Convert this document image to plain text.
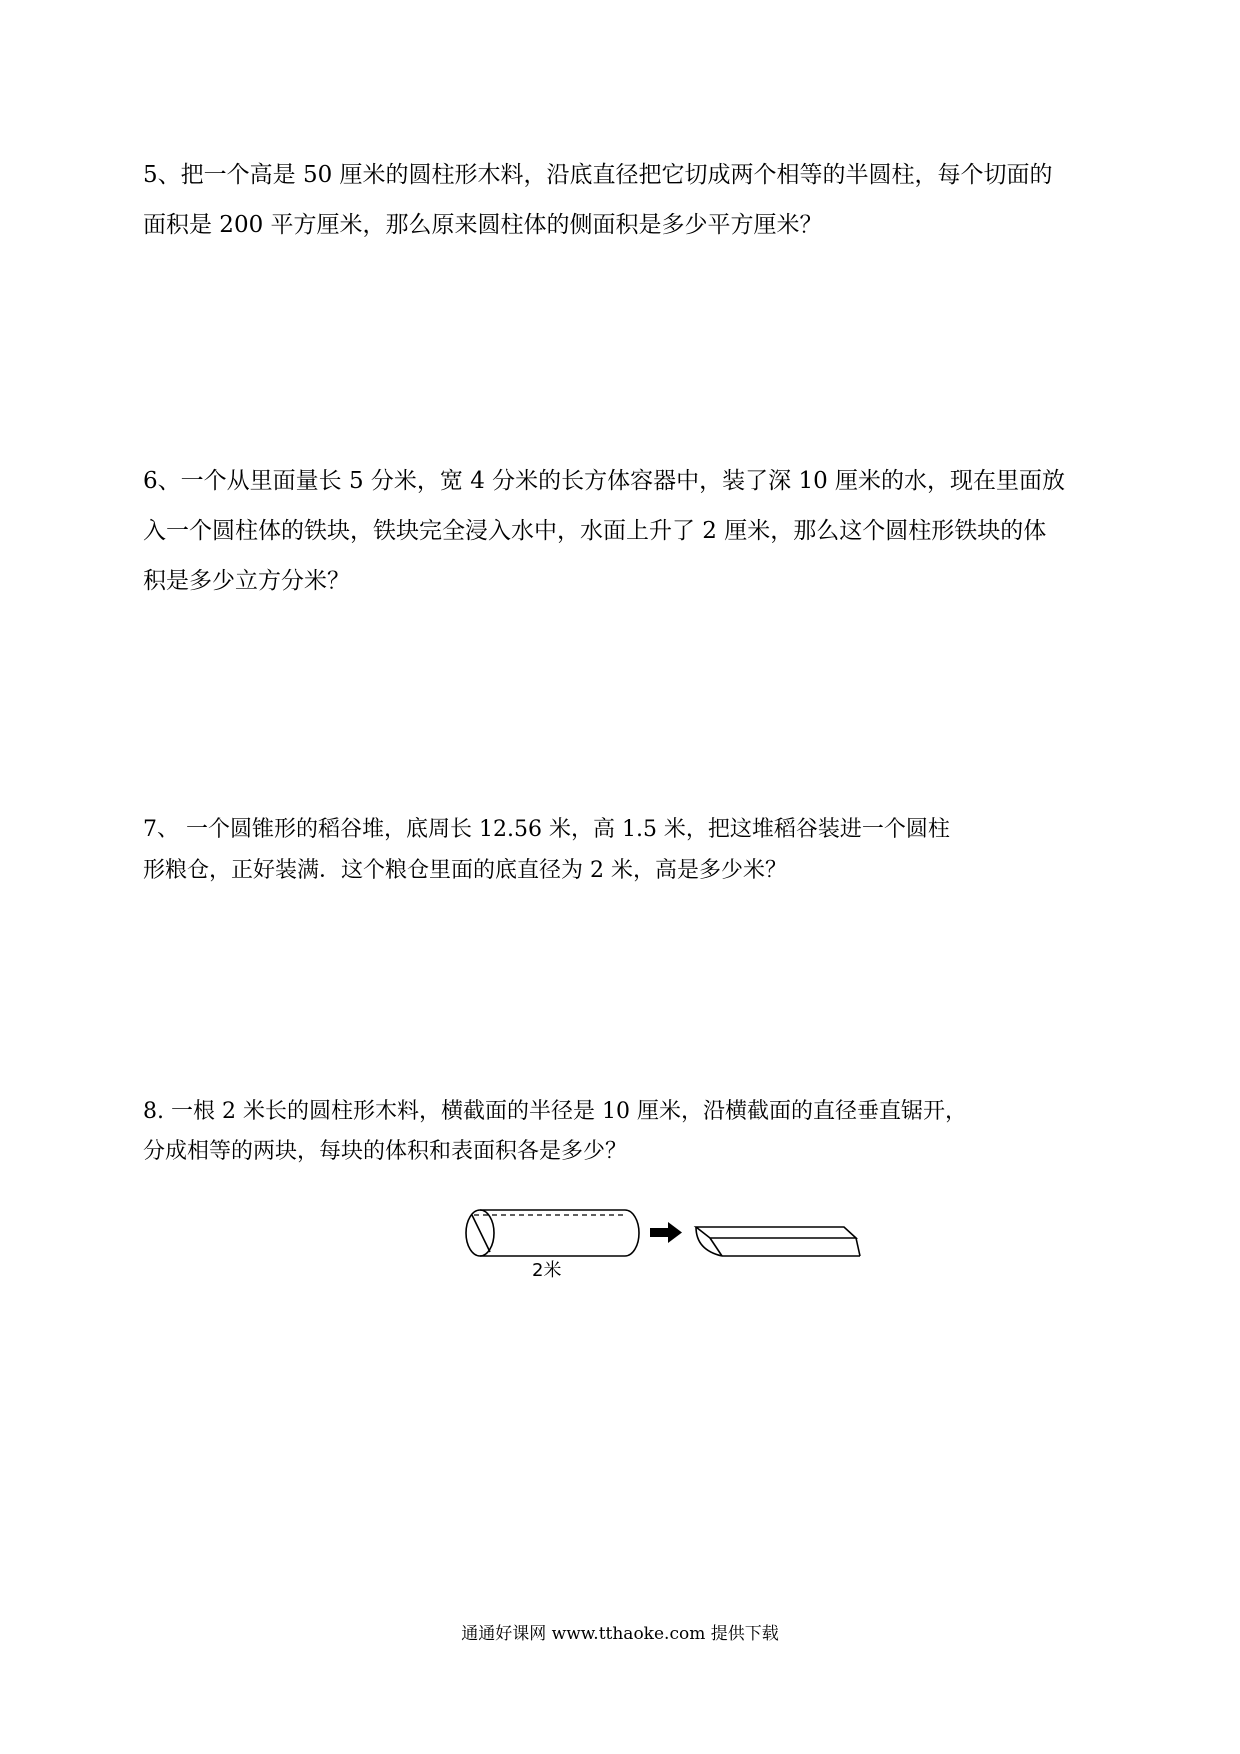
5、把一个高是 50 厘米的圆柱形木料，沿底直径把它切成两个相等的半圆柱，每个切面的
面积是 200 平方厘米，那么原来圆柱体的侧面积是多少平方厘米？
6、一个从里面量长 5 分米，宽 4 分米的长方体容器中，装了深 10 厘米的水，现在里面放
入一个圆柱体的铁块，铁块完全浸入水中，水面上升了 2 厘米，那么这个圆柱形铁块的体
积是多少立方分米？
7、 一个圆锥形的稻谷堆，底周长 12.56 米，高 1.5 米，把这堆稻谷装进一个圆柱
形粮仓，正好装满．这个粮仓里面的底直径为 2 米，高是多少米？
8. 一根 2 米长的圆柱形木料，横截面的半径是 10 厘米，沿横截面的直径垂直锯开，
分成相等的两块，每块的体积和表面积各是多少？
2米
通通好课网 www.tthaoke.com 提供下载
